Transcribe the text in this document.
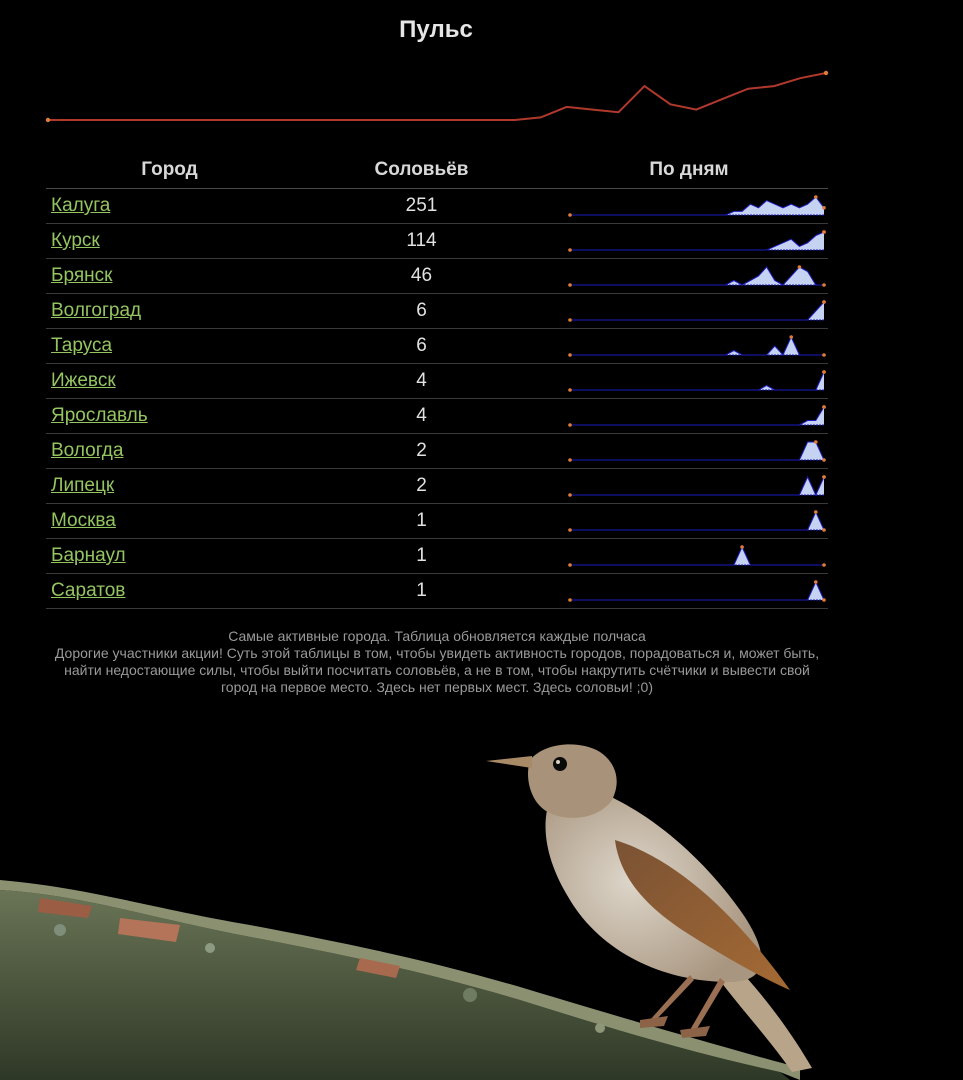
Пульс
Город	Соловьёв	По дням
Калуга	251	

Курск	114	

Брянск	46	

Волгоград	6	

Таруса	6	

Ижевск	4	

Ярославль	4	

Вологда	2	

Липецк	2	

Москва	1	

Барнаул	1	

Саратов	1	

Самые активные города. Таблица обновляется каждые полчаса

Дорогие участники акции! Суть этой таблицы в том, чтобы увидеть активность городов, порадоваться и, может быть, найти недостающие силы, чтобы выйти посчитать соловьёв, а не в том, чтобы накрутить счётчики и вывести свой город на первое место. Здесь нет первых мест. Здесь соловьи! ;0)
